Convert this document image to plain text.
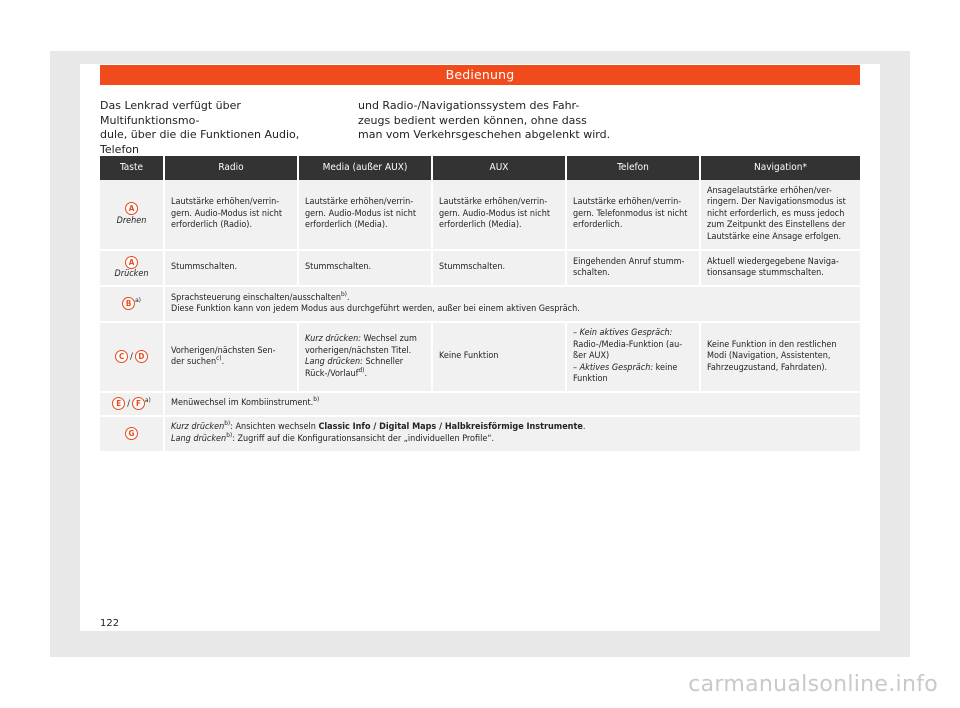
Bedienung

Das Lenkrad verfügt über Multifunktionsmo-
dule, über die die Funktionen Audio, Telefon

und Radio-/Navigationssystem des Fahr-
zeugs bedient werden können, ohne dass
man vom Verkehrsgeschehen abgelenkt wird.

Taste	Radio	Media (außer AUX)	AUX	Telefon	Navigation*
A
Drehen	Lautstärke erhöhen/verrin-
gern. Audio-Modus ist nicht
erforderlich (Radio).	Lautstärke erhöhen/verrin-
gern. Audio-Modus ist nicht
erforderlich (Media).	Lautstärke erhöhen/verrin-
gern. Audio-Modus ist nicht
erforderlich (Media).	Lautstärke erhöhen/verrin-
gern. Telefonmodus ist nicht
erforderlich.	Ansagelautstärke erhöhen/ver-
ringern. Der Navigationsmodus ist
nicht erforderlich, es muss jedoch
zum Zeitpunkt des Einstellens der
Lautstärke eine Ansage erfolgen.
A
Drücken	Stummschalten.	Stummschalten.	Stummschalten.	Eingehenden Anruf stumm-
schalten.	Aktuell wiedergegebene Naviga-
tionsansage stummschalten.
B $^{a)}$	Sprachsteuerung einschalten/ausschalten$^{b)}$.
Diese Funktion kann von jedem Modus aus durchgeführt werden, außer bei einem aktiven Gespräch.				
C / D	Vorherigen/nächsten Sen-
der suchen$^{c)}$.	Kurz drücken: Wechsel zum
vorherigen/nächsten Titel.
Lang drücken: Schneller
Rück-/Vorlauf$^{d)}$.	Keine Funktion	– Kein aktives Gespräch:
Radio-/Media-Funktion (au-
ßer AUX)
– Aktives Gespräch: keine
Funktion	Keine Funktion in den restlichen
Modi (Navigation, Assistenten,
Fahrzeugzustand, Fahrdaten).
E / F $^{a)}$	Menüwechsel im Kombiinstrument.$^{b)}$
G	Kurz drücken$^{b)}$: Ansichten wechseln Classic Info / Digital Maps / Halbkreisförmige Instrumente.
Lang drücken$^{b)}$: Zugriff auf die Konfigurationsansicht der „individuellen Profile“.				
122
carmanualsonline.info
